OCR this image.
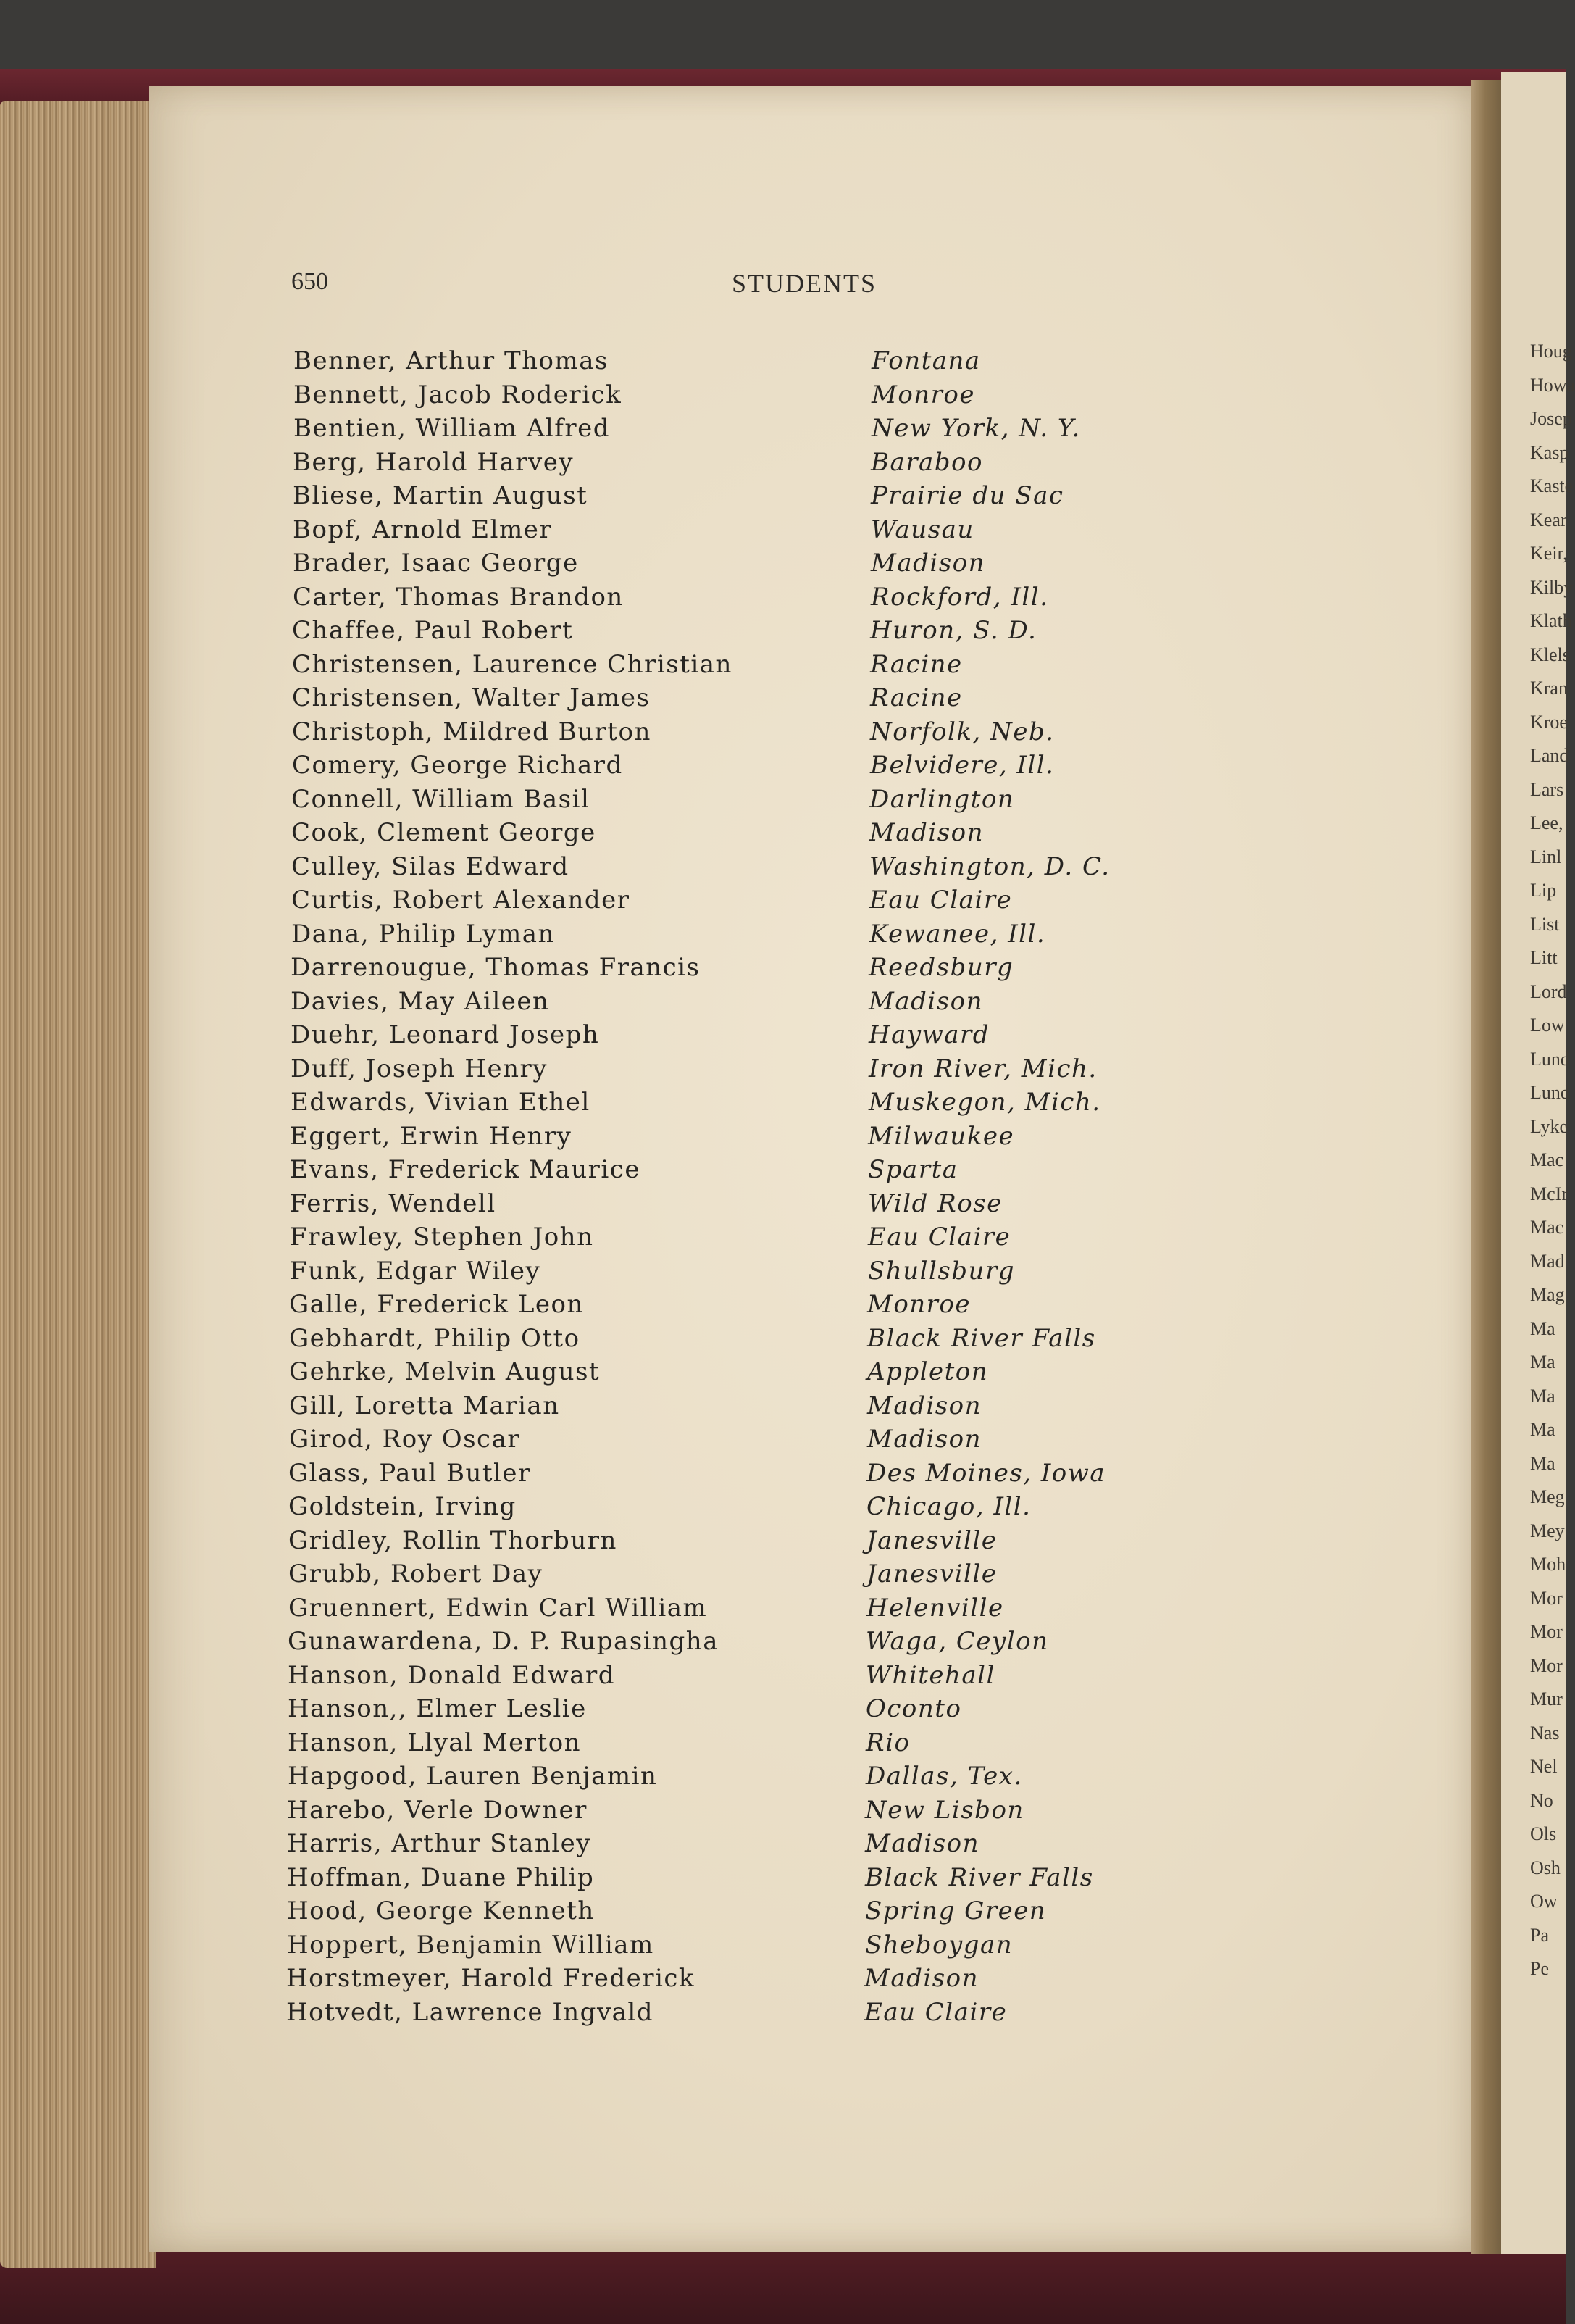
Houg
Howa
Josep
Kasp
Kaste
Kear
Keir,
Kilby
Klath
Klels
Kran
Kroe
Land
Lars
Lee,
Linl
Lip
List
Litt
Lord
Low
Lund
Lund
Lyke
Mac
McIr
Mac
Mad
Mag
Ma
Ma
Ma
Ma
Ma
Meg
Mey
Moh
Mor
Mor
Mor
Mur
Nas
Nel
No
Ols
Osh
Ow
Pa
Pe
650	STUDENTS
Benner, Arthur Thomas	Fontana
Bennett, Jacob Roderick	Monroe
Bentien, William Alfred	New York, N. Y.
Berg, Harold Harvey	Baraboo
Bliese, Martin August	Prairie du Sac
Bopf, Arnold Elmer	Wausau
Brader, Isaac George	Madison
Carter, Thomas Brandon	Rockford, Ill.
Chaffee, Paul Robert	Huron, S. D.
Christensen, Laurence Christian	Racine
Christensen, Walter James	Racine
Christoph, Mildred Burton	Norfolk, Neb.
Comery, George Richard	Belvidere, Ill.
Connell, William Basil	Darlington
Cook, Clement George	Madison
Culley, Silas Edward	Washington, D. C.
Curtis, Robert Alexander	Eau Claire
Dana, Philip Lyman	Kewanee, Ill.
Darrenougue, Thomas Francis	Reedsburg
Davies, May Aileen	Madison
Duehr, Leonard Joseph	Hayward
Duff, Joseph Henry	Iron River, Mich.
Edwards, Vivian Ethel	Muskegon, Mich.
Eggert, Erwin Henry	Milwaukee
Evans, Frederick Maurice	Sparta
Ferris, Wendell	Wild Rose
Frawley, Stephen John	Eau Claire
Funk, Edgar Wiley	Shullsburg
Galle, Frederick Leon	Monroe
Gebhardt, Philip Otto	Black River Falls
Gehrke, Melvin August	Appleton
Gill, Loretta Marian	Madison
Girod, Roy Oscar	Madison
Glass, Paul Butler	Des Moines, Iowa
Goldstein, Irving	Chicago, Ill.
Gridley, Rollin Thorburn	Janesville
Grubb, Robert Day	Janesville
Gruennert, Edwin Carl William	Helenville
Gunawardena, D. P. Rupasingha	Waga, Ceylon
Hanson, Donald Edward	Whitehall
Hanson,, Elmer Leslie	Oconto
Hanson, Llyal Merton	Rio
Hapgood, Lauren Benjamin	Dallas, Tex.
Harebo, Verle Downer	New Lisbon
Harris, Arthur Stanley	Madison
Hoffman, Duane Philip	Black River Falls
Hood, George Kenneth	Spring Green
Hoppert, Benjamin William	Sheboygan
Horstmeyer, Harold Frederick	Madison
Hotvedt, Lawrence Ingvald	Eau Claire
